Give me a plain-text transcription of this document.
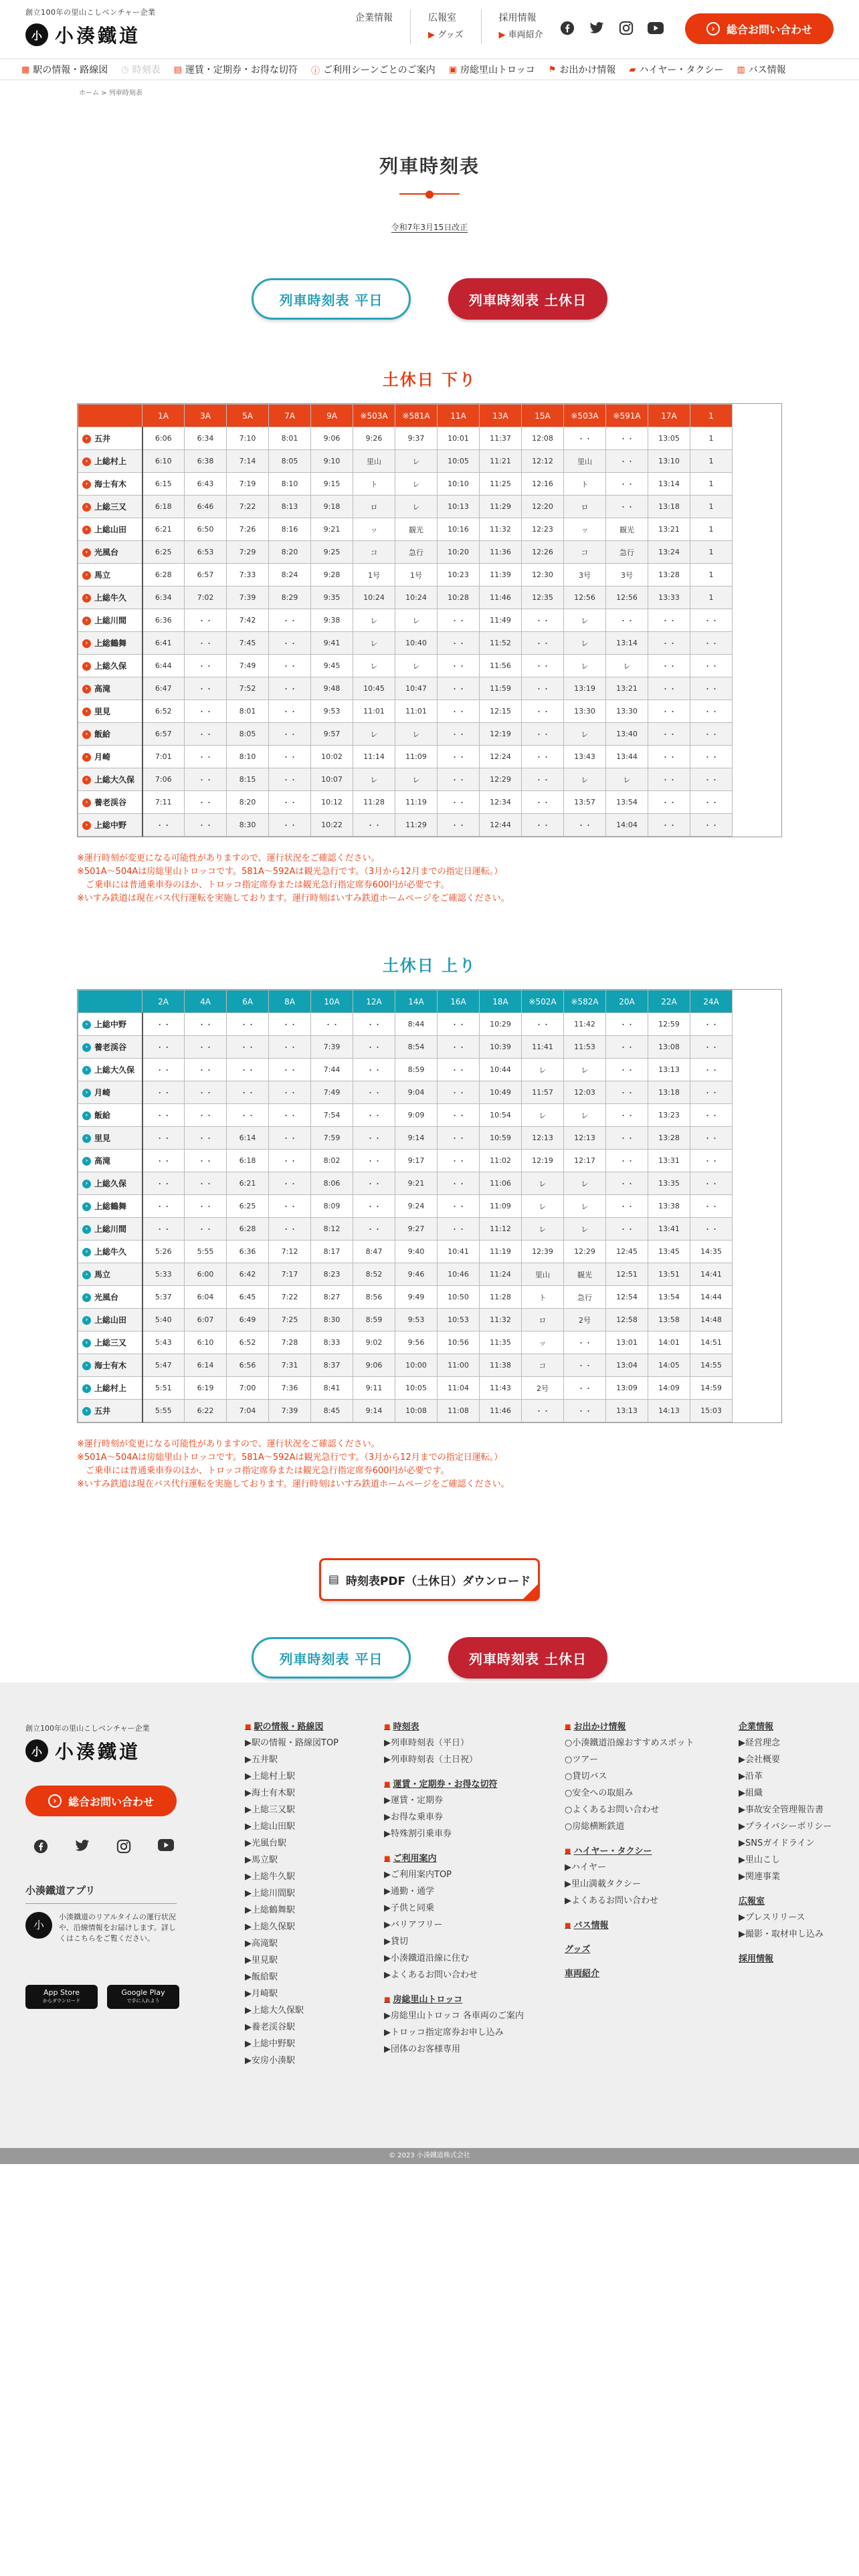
創立100年の里山こしベンチャー企業
小 小湊鐵道
企業情報	広報室
▶ グッズ
採用情報
▶ 車両紹介
›	総合お問い合わせ
▦ 駅の情報・路線図 ◷ 時刻表 ▤ 運賃・定期券・お得な切符 ⓘ ご利用シーンごとのご案内 ▣ 房総里山トロッコ ⚑ お出かけ情報 ▰ ハイヤー・タクシー ▥ バス情報
ホーム > 列車時刻表
列車時刻表
令和7年3月15日改正
列車時刻表 平日	列車時刻表 土休日
土休日 下り
	1A	3A	5A	7A	9A	※503A	※581A	11A	13A	15A	※503A	※591A	17A	1
› 五井	6:06	6:34	7:10	8:01	9:06	9:26	9:37	10:01	11:37	12:08	・・	・・	13:05	1
› 上総村上	6:10	6:38	7:14	8:05	9:10	里山	レ	10:05	11:21	12:12	里山	・・	13:10	1
› 海士有木	6:15	6:43	7:19	8:10	9:15	ト	レ	10:10	11:25	12:16	ト	・・	13:14	1
› 上総三又	6:18	6:46	7:22	8:13	9:18	ロ	レ	10:13	11:29	12:20	ロ	・・	13:18	1
› 上総山田	6:21	6:50	7:26	8:16	9:21	ッ	観光	10:16	11:32	12:23	ッ	観光	13:21	1
› 光風台	6:25	6:53	7:29	8:20	9:25	コ	急行	10:20	11:36	12:26	コ	急行	13:24	1
› 馬立	6:28	6:57	7:33	8:24	9:28	1号	1号	10:23	11:39	12:30	3号	3号	13:28	1
› 上総牛久	6:34	7:02	7:39	8:29	9:35	10:24	10:24	10:28	11:46	12:35	12:56	12:56	13:33	1
› 上総川間	6:36	・・	7:42	・・	9:38	レ	レ	・・	11:49	・・	レ	・・	・・	・・
› 上総鶴舞	6:41	・・	7:45	・・	9:41	レ	10:40	・・	11:52	・・	レ	13:14	・・	・・
› 上総久保	6:44	・・	7:49	・・	9:45	レ	レ	・・	11:56	・・	レ	レ	・・	・・
› 高滝	6:47	・・	7:52	・・	9:48	10:45	10:47	・・	11:59	・・	13:19	13:21	・・	・・
› 里見	6:52	・・	8:01	・・	9:53	11:01	11:01	・・	12:15	・・	13:30	13:30	・・	・・
› 飯給	6:57	・・	8:05	・・	9:57	レ	レ	・・	12:19	・・	レ	13:40	・・	・・
› 月崎	7:01	・・	8:10	・・	10:02	11:14	11:09	・・	12:24	・・	13:43	13:44	・・	・・
› 上総大久保	7:06	・・	8:15	・・	10:07	レ	レ	・・	12:29	・・	レ	レ	・・	・・
› 養老渓谷	7:11	・・	8:20	・・	10:12	11:28	11:19	・・	12:34	・・	13:57	13:54	・・	・・
› 上総中野	・・	・・	8:30	・・	10:22	・・	11:29	・・	12:44	・・	・・	14:04	・・	・・
※運行時刻が変更になる可能性がありますので、運行状況をご確認ください。
※501A〜504Aは房総里山トロッコです。581A〜592Aは観光急行です。（3月から12月までの指定日運転。）
　ご乗車には普通乗車券のほか、トロッコ指定席券または観光急行指定席券600円が必要です。
※いすみ鉄道は現在バス代行運転を実施しております。運行時刻はいすみ鉄道ホームページをご確認ください。
土休日 上り
	2A	4A	6A	8A	10A	12A	14A	16A	18A	※502A	※582A	20A	22A	24A
› 上総中野	・・	・・	・・	・・	・・	・・	8:44	・・	10:29	・・	11:42	・・	12:59	・・
› 養老渓谷	・・	・・	・・	・・	7:39	・・	8:54	・・	10:39	11:41	11:53	・・	13:08	・・
› 上総大久保	・・	・・	・・	・・	7:44	・・	8:59	・・	10:44	レ	レ	・・	13:13	・・
› 月崎	・・	・・	・・	・・	7:49	・・	9:04	・・	10:49	11:57	12:03	・・	13:18	・・
› 飯給	・・	・・	・・	・・	7:54	・・	9:09	・・	10:54	レ	レ	・・	13:23	・・
› 里見	・・	・・	6:14	・・	7:59	・・	9:14	・・	10:59	12:13	12:13	・・	13:28	・・
› 高滝	・・	・・	6:18	・・	8:02	・・	9:17	・・	11:02	12:19	12:17	・・	13:31	・・
› 上総久保	・・	・・	6:21	・・	8:06	・・	9:21	・・	11:06	レ	レ	・・	13:35	・・
› 上総鶴舞	・・	・・	6:25	・・	8:09	・・	9:24	・・	11:09	レ	レ	・・	13:38	・・
› 上総川間	・・	・・	6:28	・・	8:12	・・	9:27	・・	11:12	レ	レ	・・	13:41	・・
› 上総牛久	5:26	5:55	6:36	7:12	8:17	8:47	9:40	10:41	11:19	12:39	12:29	12:45	13:45	14:35
› 馬立	5:33	6:00	6:42	7:17	8:23	8:52	9:46	10:46	11:24	里山	観光	12:51	13:51	14:41
› 光風台	5:37	6:04	6:45	7:22	8:27	8:56	9:49	10:50	11:28	ト	急行	12:54	13:54	14:44
› 上総山田	5:40	6:07	6:49	7:25	8:30	8:59	9:53	10:53	11:32	ロ	2号	12:58	13:58	14:48
› 上総三又	5:43	6:10	6:52	7:28	8:33	9:02	9:56	10:56	11:35	ッ	・・	13:01	14:01	14:51
› 海士有木	5:47	6:14	6:56	7:31	8:37	9:06	10:00	11:00	11:38	コ	・・	13:04	14:05	14:55
› 上総村上	5:51	6:19	7:00	7:36	8:41	9:11	10:05	11:04	11:43	2号	・・	13:09	14:09	14:59
› 五井	5:55	6:22	7:04	7:39	8:45	9:14	10:08	11:08	11:46	・・	・・	13:13	14:13	15:03
※運行時刻が変更になる可能性がありますので、運行状況をご確認ください。
※501A〜504Aは房総里山トロッコです。581A〜592Aは観光急行です。（3月から12月までの指定日運転。）
　ご乗車には普通乗車券のほか、トロッコ指定席券または観光急行指定席券600円が必要です。
※いすみ鉄道は現在バス代行運転を実施しております。運行時刻はいすみ鉄道ホームページをご確認ください。
▤ 時刻表PDF（土休日）ダウンロード
列車時刻表 平日	列車時刻表 土休日
創立100年の里山こしベンチャー企業
小 小湊鐵道
›	総合お問い合わせ
小湊鐵道アプリ
小
小湊鐵道のリアルタイムの運行状況や、沿線情報をお届けします。詳しくはこちらをご覧ください。
App Store
からダウンロード
Google Play
で手に入れよう
■ 駅の情報・路線図
▶駅の情報・路線図TOP
▶五井駅
▶上総村上駅
▶海士有木駅
▶上総三又駅
▶上総山田駅
▶光風台駅
▶馬立駅
▶上総牛久駅
▶上総川間駅
▶上総鶴舞駅
▶上総久保駅
▶高滝駅
▶里見駅
▶飯給駅
▶月崎駅
▶上総大久保駅
▶養老渓谷駅
▶上総中野駅
▶安房小湊駅
■ 時刻表
▶列車時刻表（平日）
▶列車時刻表（土日祝）
■ 運賃・定期券・お得な切符
▶運賃・定期券
▶お得な乗車券
▶特殊割引乗車券
■ ご利用案内
▶ご利用案内TOP
▶通勤・通学
▶子供と同乗
▶バリアフリー
▶貸切
▶小湊鐵道沿線に住む
▶よくあるお問い合わせ
■ 房総里山トロッコ
▶房総里山トロッコ 各車両のご案内
▶トロッコ指定席券お申し込み
▶団体のお客様専用
■ お出かけ情報
○小湊鐵道沿線おすすめスポット
○ツアー
○貸切バス
○安全への取組み
○よくあるお問い合わせ
○房総横断鉄道
■ ハイヤー・タクシー
▶ハイヤー
▶里山満載タクシー
▶よくあるお問い合わせ
■ バス情報
グッズ
車両紹介
企業情報
▶経営理念
▶会社概要
▶沿革
▶組織
▶事故安全管理報告書
▶プライバシーポリシー
▶SNSガイドライン
▶里山こし
▶関連事業
広報室
▶プレスリリース
▶撮影・取材申し込み
採用情報
© 2023 小湊鐵道株式会社
